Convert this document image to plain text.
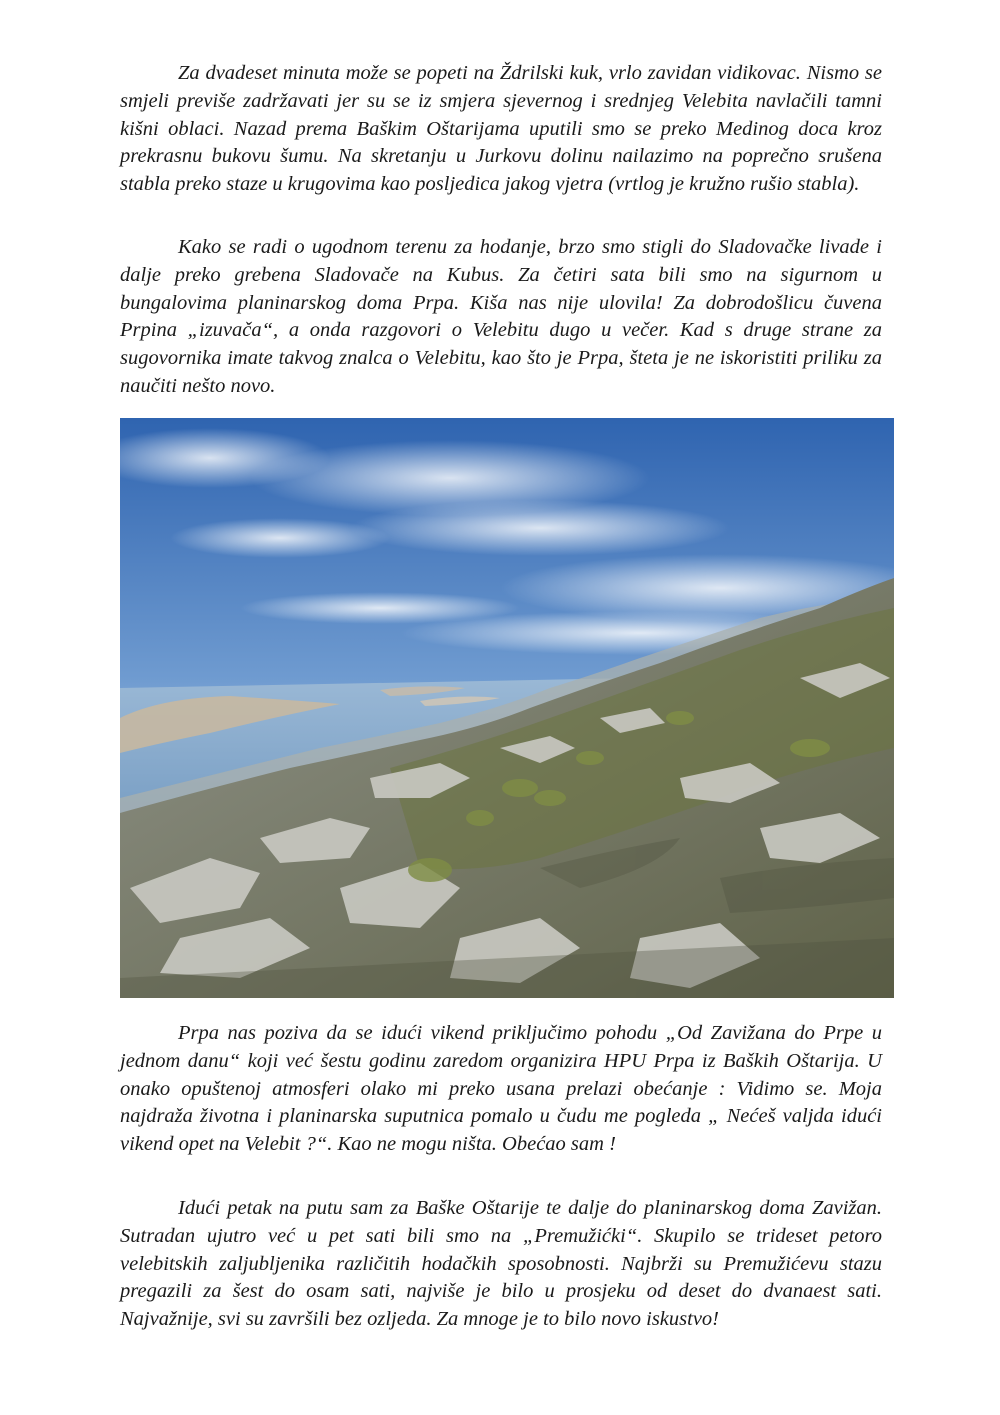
Za dvadeset minuta može se popeti na Ždrilski kuk, vrlo zavidan vidikovac. Nismo se smjeli previše zadržavati jer su se iz smjera sjevernog i srednjeg Velebita navlačili tamni kišni oblaci. Nazad prema Baškim Oštarijama uputili smo se preko Medinog doca kroz prekrasnu bukovu šumu. Na skretanju u Jurkovu dolinu nailazimo na poprečno srušena stabla preko staze u krugovima kao posljedica jakog vjetra (vrtlog je kružno rušio stabla).

Kako se radi o ugodnom terenu za hodanje, brzo smo stigli do Sladovačke livade i dalje preko grebena Sladovače na Kubus. Za četiri sata bili smo na sigurnom u bungalovima planinarskog doma Prpa. Kiša nas nije ulovila! Za dobrodošlicu čuvena Prpina „izuvača“, a onda razgovori o Velebitu dugo u večer. Kad s druge strane za sugovornika imate takvog znalca o Velebitu, kao što je Prpa, šteta je ne iskoristiti priliku za naučiti nešto novo.

Prpa nas poziva da se idući vikend priključimo pohodu „Od Zavižana do Prpe u jednom danu“ koji već šestu godinu zaredom organizira HPU Prpa iz Baških Oštarija. U onako opuštenoj atmosferi olako mi preko usana prelazi obećanje : Vidimo se. Moja najdraža životna i planinarska suputnica pomalo u čudu me pogleda „ Nećeš valjda idući vikend opet na Velebit ?“. Kao ne mogu ništa. Obećao sam !

Idući petak na putu sam za Baške Oštarije te dalje do planinarskog doma Zavižan. Sutradan ujutro već u pet sati bili smo na „Premužićki“. Skupilo se trideset petoro velebitskih zaljubljenika različitih hodačkih sposobnosti. Najbrži su Premužićevu stazu pregazili za šest do osam sati, najviše je bilo u prosjeku od deset do dvanaest sati. Najvažnije, svi su završili bez ozljeda. Za mnoge je to bilo novo iskustvo!
